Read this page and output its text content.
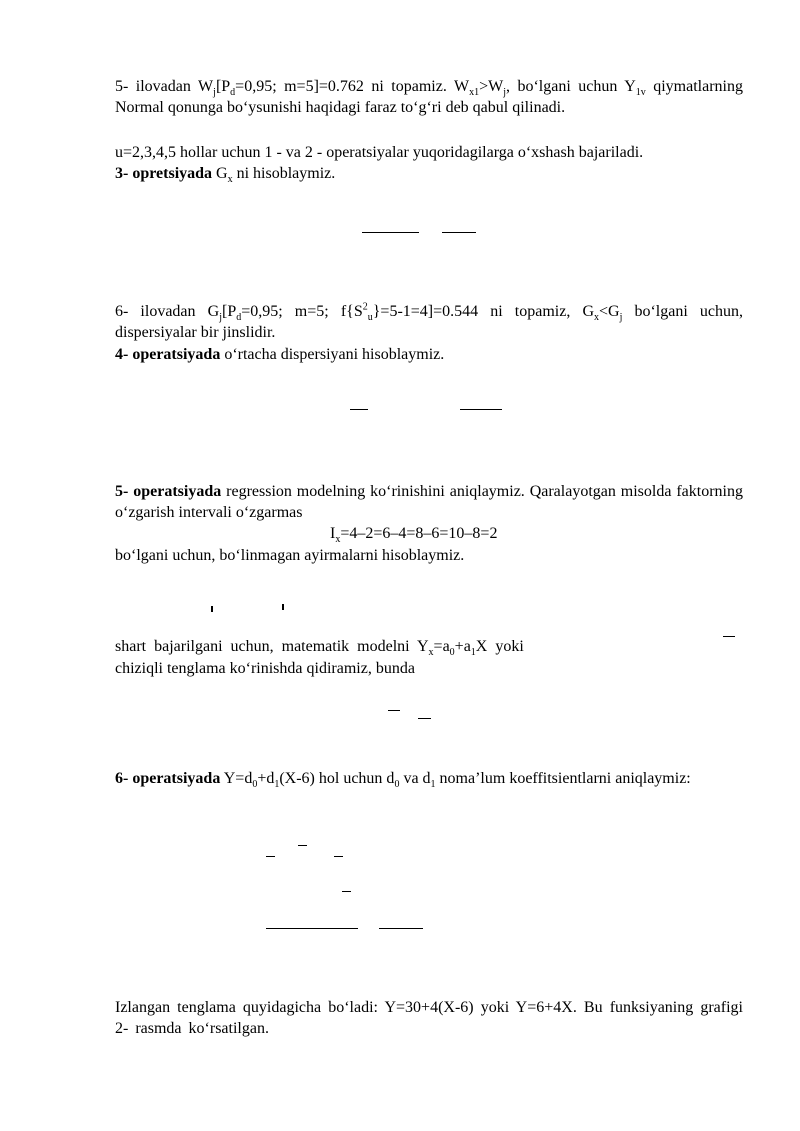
5- ilovadan $W_j[P_d=0,95$; m=5]=0.762 ni topamiz. $W_{x1}>W_j$, bo‘lgani uchun $Y_{1v}$ qiymatlarning Normal qonunga bo‘ysunishi haqidagi faraz to‘g‘ri deb qabul qilinadi.
u=2,3,4,5 hollar uchun 1 - va 2 - operatsiyalar yuqoridagilarga o‘xshash bajariladi.
3- opretsiyada $G_x$ ni hisoblaymiz.
6- ilovadan $G_j[P_d=0,95$; m=5; $f\{S^2_u\}=5-1=4]=0.544$ ni topamiz, $G_x<G_j$ bo‘lgani uchun, dispersiyalar bir jinslidir.
4- operatsiyada o‘rtacha dispersiyani hisoblaymiz.
5- operatsiyada regression modelning ko‘rinishini aniqlaymiz. Qaralayotgan misolda faktorning o‘zgarish intervali o‘zgarmas
$I_x=4-2=6-4=8-6=10-8=2$
bo‘lgani uchun, bo‘linmagan ayirmalarni hisoblaymiz.
shart bajarilgani uchun, matematik modelni $Y_x=a_0+a_1X$ yoki
chiziqli tenglama ko‘rinishda qidiramiz, bunda
6- operatsiyada $Y=d_0+d_1(X-6)$ hol uchun $d_0$ va $d_1$ noma’lum koeffitsientlarni aniqlaymiz:
Izlangan tenglama quyidagicha bo‘ladi: Y=30+4(X-6) yoki Y=6+4X. Bu funksiyaning grafigi 2- rasmda ko‘rsatilgan.
